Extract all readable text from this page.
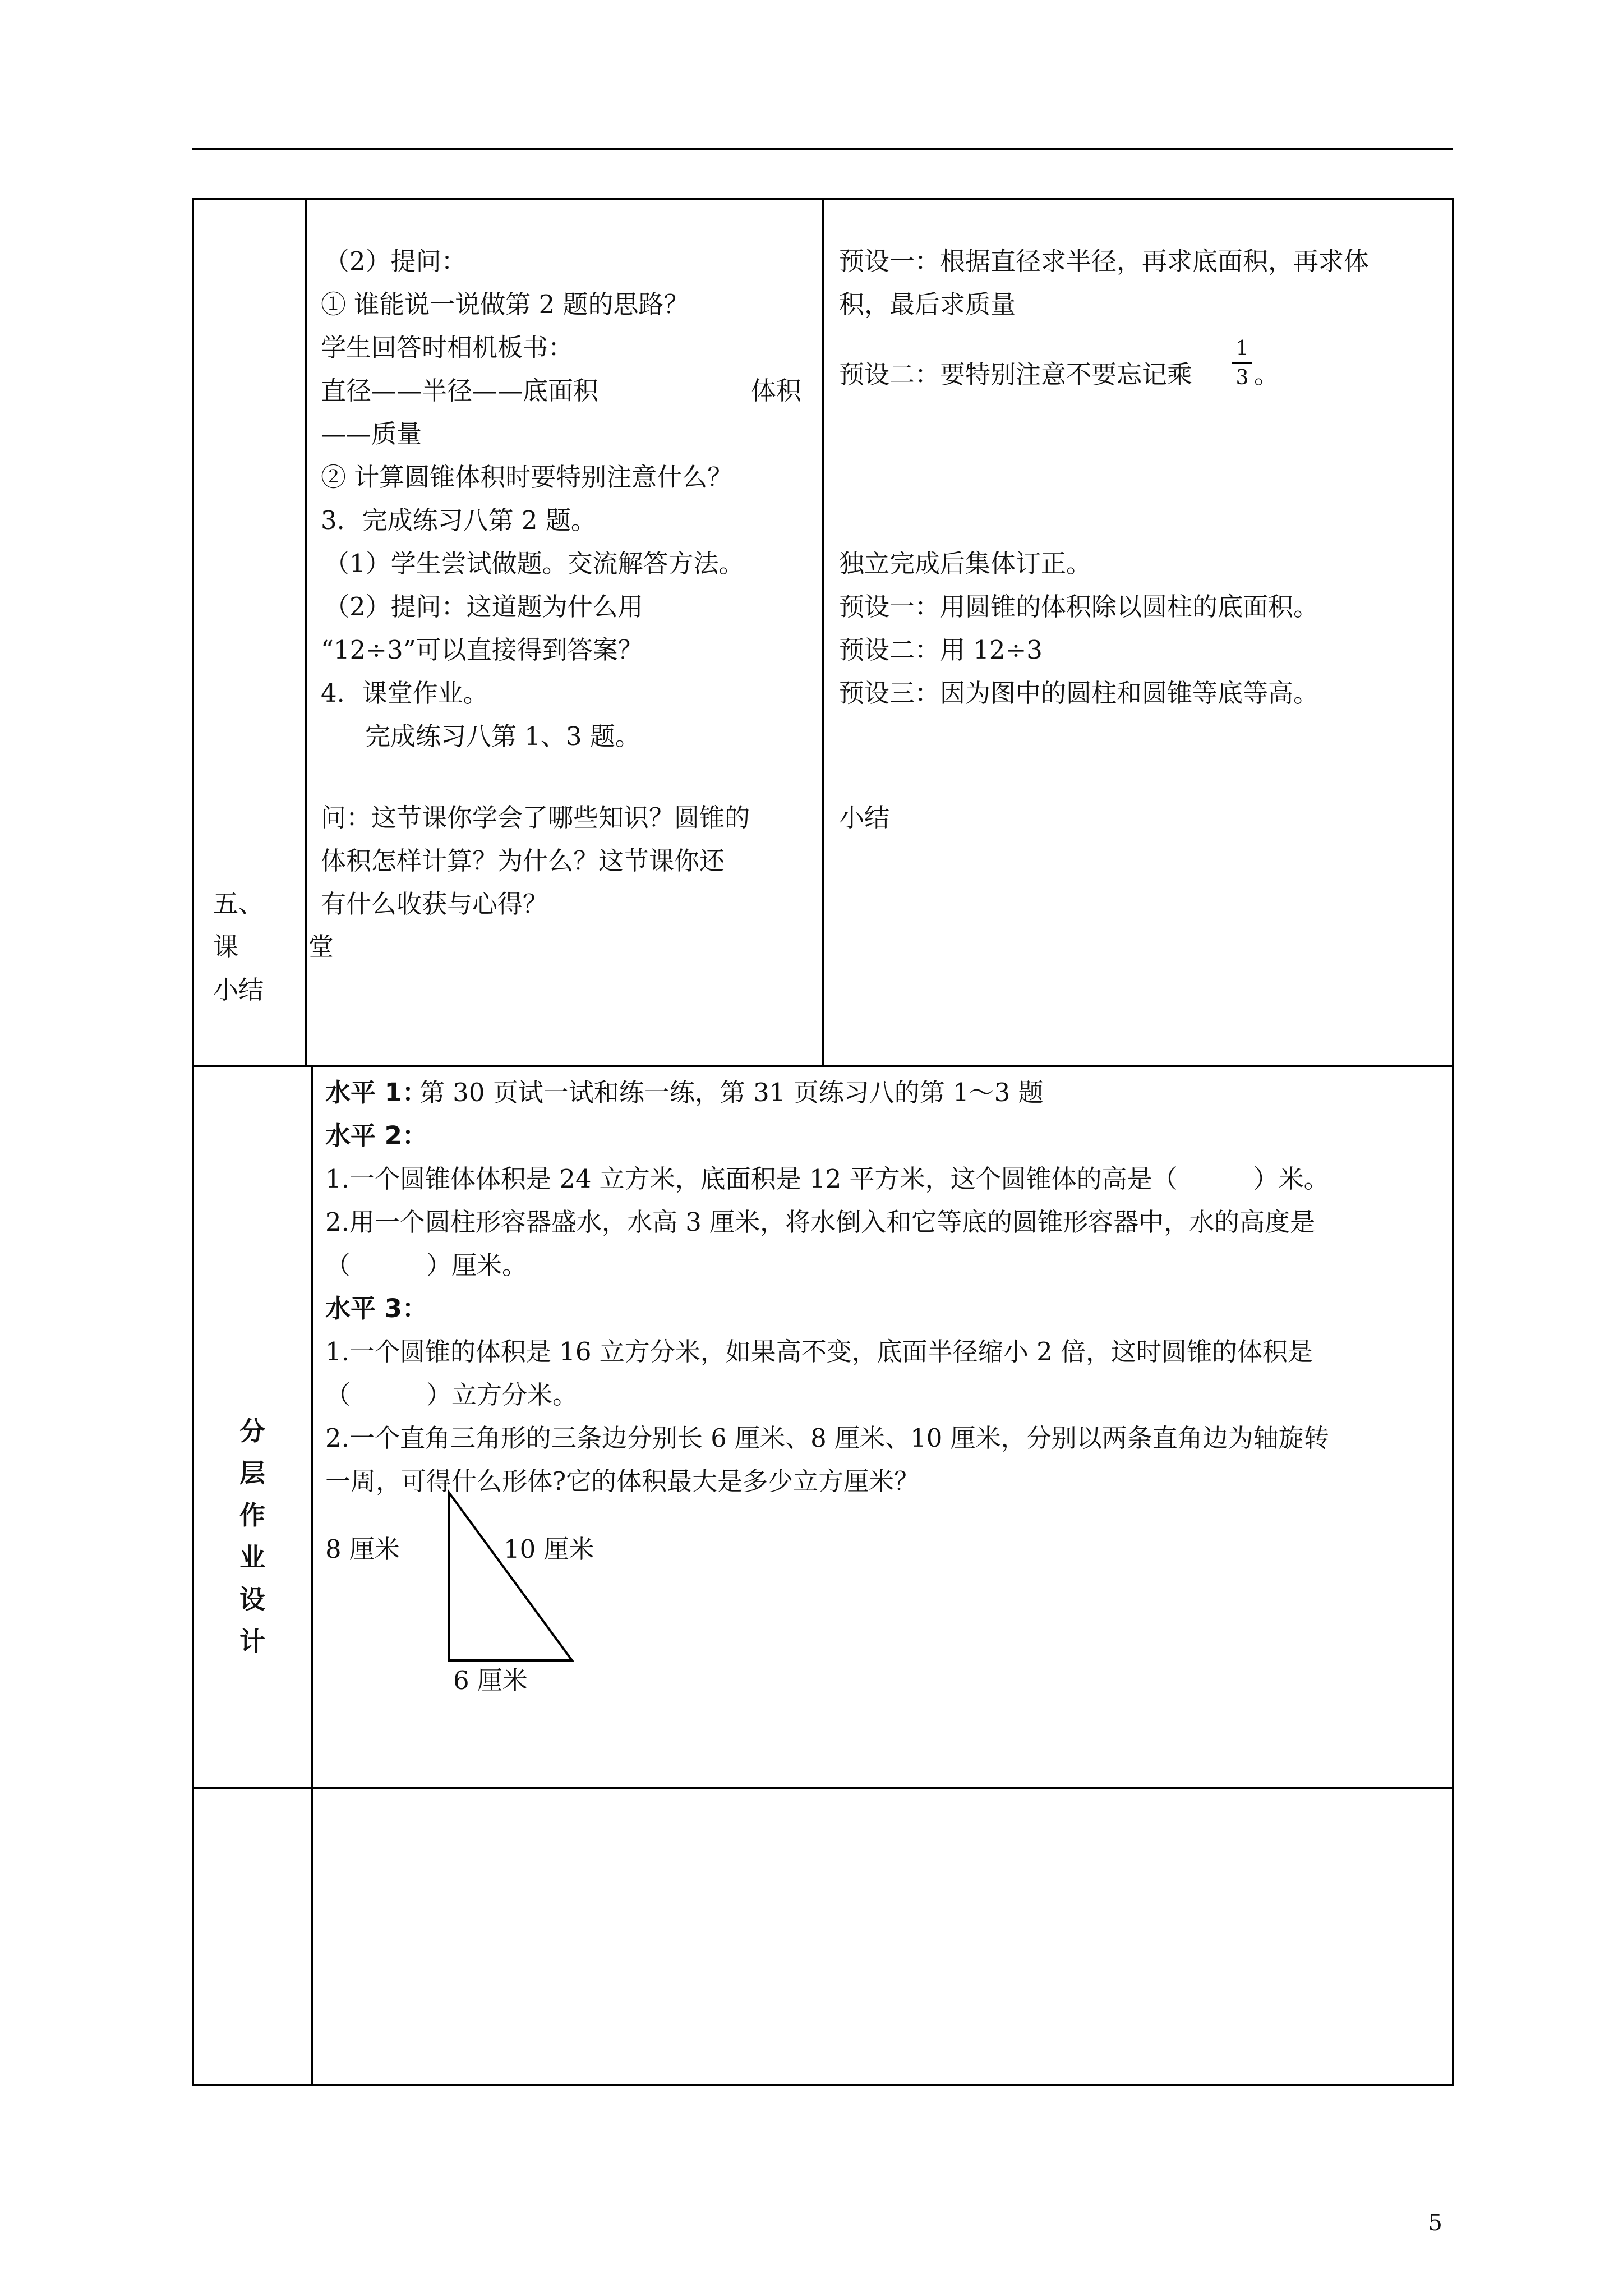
五、
课　堂
小结
（2）提问：
① 谁能说一说做第 2 题的思路？
学生回答时相机板书：
直径——半径——底面积	体积
——质量
② 计算圆锥体积时要特别注意什么？
3．完成练习八第 2 题。
（1）学生尝试做题。交流解答方法。
（2）提问：这道题为什么用
“12÷3”可以直接得到答案？
4．课堂作业。
完成练习八第 1、3 题。
问：这节课你学会了哪些知识？圆锥的
体积怎样计算？为什么？这节课你还
有什么收获与心得？
预设一：根据直径求半径，再求底面积，再求体
积，最后求质量
预设二：要特别注意不要忘记乘
1
3 。
独立完成后集体订正。
预设一：用圆锥的体积除以圆柱的底面积。
预设二：用 12÷3
预设三：因为图中的圆柱和圆锥等底等高。
小结
分
层
作
业
设
计
水平 1：
第 30 页试一试和练一练，第 31 页练习八的第 1～3 题
水平 2：
1.一个圆锥体体积是 24 立方米，底面积是 12 平方米，这个圆锥体的高是（　　　）米。
2.用一个圆柱形容器盛水，水高 3 厘米，将水倒入和它等底的圆锥形容器中，水的高度是
（　　　）厘米。
水平 3：
1.一个圆锥的体积是 16 立方分米，如果高不变，底面半径缩小 2 倍，这时圆锥的体积是
（　　　）立方分米。
2.一个直角三角形的三条边分别长 6 厘米、8 厘米、10 厘米，分别以两条直角边为轴旋转
一周，可得什么形体?它的体积最大是多少立方厘米？
8 厘米	10 厘米
6 厘米
5
